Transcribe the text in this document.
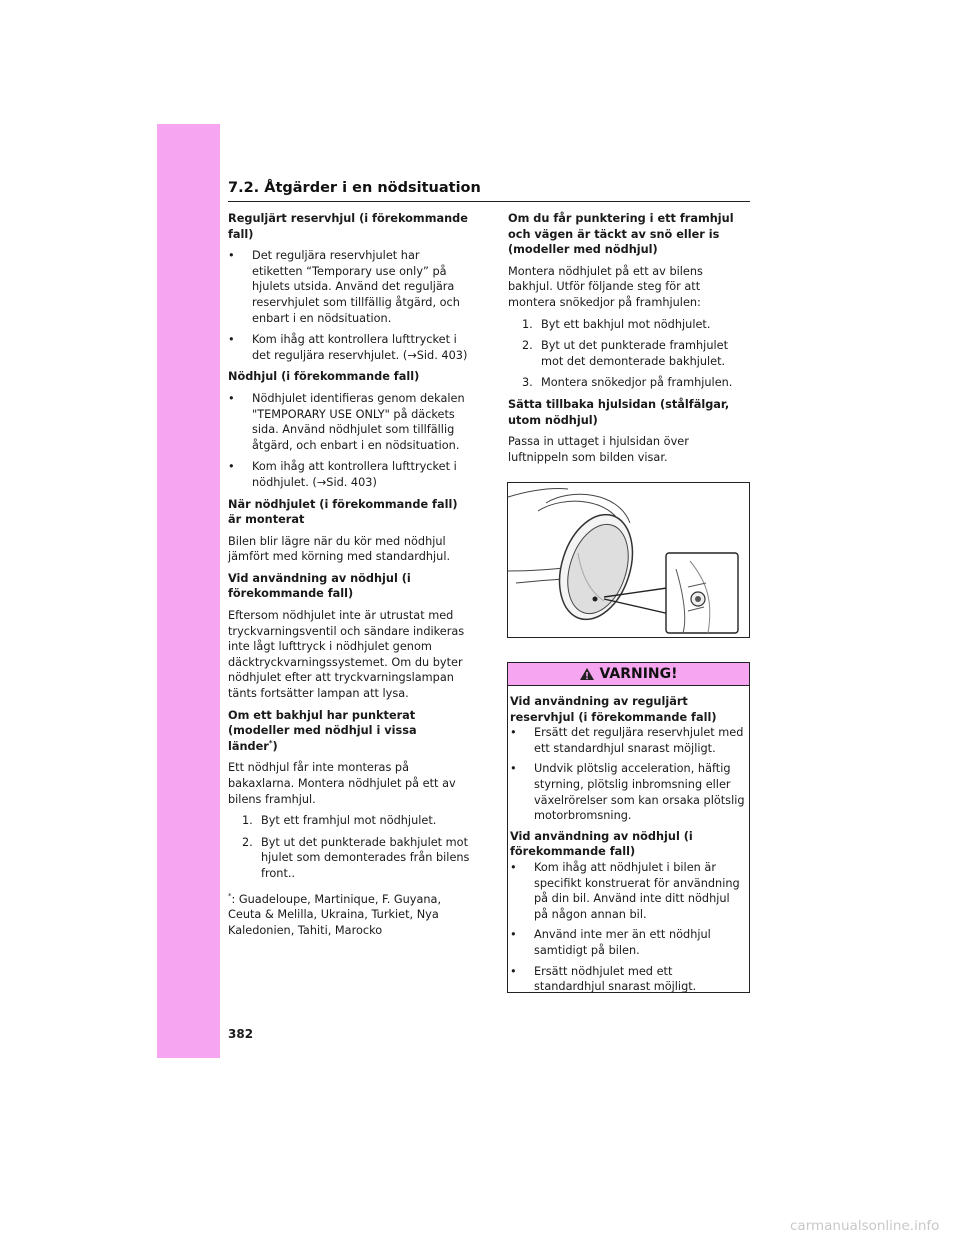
7.2. Åtgärder i en nödsituation
Reguljärt reservhjul (i förekommande fall)
•	Det reguljära reservhjulet har etiketten “Temporary use only” på hjulets utsida. Använd det reguljära reservhjulet som tillfällig åtgärd, och enbart i en nödsituation.
•	Kom ihåg att kontrollera lufttrycket i det reguljära reservhjulet. (→Sid. 403)
Nödhjul (i förekommande fall)
•	Nödhjulet identifieras genom dekalen "TEMPORARY USE ONLY" på däckets sida. Använd nödhjulet som tillfällig åtgärd, och enbart i en nödsituation.
•	Kom ihåg att kontrollera lufttrycket i nödhjulet. (→Sid. 403)
När nödhjulet (i förekommande fall) är monterat
Bilen blir lägre när du kör med nödhjul jämfört med körning med standardhjul.
Vid användning av nödhjul (i förekommande fall)
Eftersom nödhjulet inte är utrustat med tryckvarningsventil och sändare indikeras inte lågt lufttryck i nödhjulet genom däcktryckvarningssystemet. Om du byter nödhjulet efter att tryckvarningslampan tänts fortsätter lampan att lysa.
Om ett bakhjul har punkterat (modeller med nödhjul i vissa länder*)
Ett nödhjul får inte monteras på bakaxlarna. Montera nödhjulet på ett av bilens framhjul.
1. Byt ett framhjul mot nödhjulet.
2. Byt ut det punkterade bakhjulet mot hjulet som demonterades från bilens front..
*: Guadeloupe, Martinique, F. Guyana, Ceuta & Melilla, Ukraina, Turkiet, Nya Kaledonien, Tahiti, Marocko
Om du får punktering i ett framhjul och vägen är täckt av snö eller is (modeller med nödhjul)
Montera nödhjulet på ett av bilens bakhjul. Utför följande steg för att montera snökedjor på framhjulen:
1. Byt ett bakhjul mot nödhjulet.
2. Byt ut det punkterade framhjulet mot det demonterade bakhjulet.
3. Montera snökedjor på framhjulen.
Sätta tillbaka hjulsidan (stålfälgar, utom nödhjul)
Passa in uttaget i hjulsidan över luftnippeln som bilden visar.
VARNING!
Vid användning av reguljärt reservhjul (i förekommande fall)
•	Ersätt det reguljära reservhjulet med ett standardhjul snarast möjligt.
•	Undvik plötslig acceleration, häftig styrning, plötslig inbromsning eller växelrörelser som kan orsaka plötslig motorbromsning.
Vid användning av nödhjul (i förekommande fall)
•	Kom ihåg att nödhjulet i bilen är specifikt konstruerat för användning på din bil. Använd inte ditt nödhjul på någon annan bil.
•	Använd inte mer än ett nödhjul samtidigt på bilen.
•	Ersätt nödhjulet med ett standardhjul snarast möjligt.
382
carmanualsonline.info
